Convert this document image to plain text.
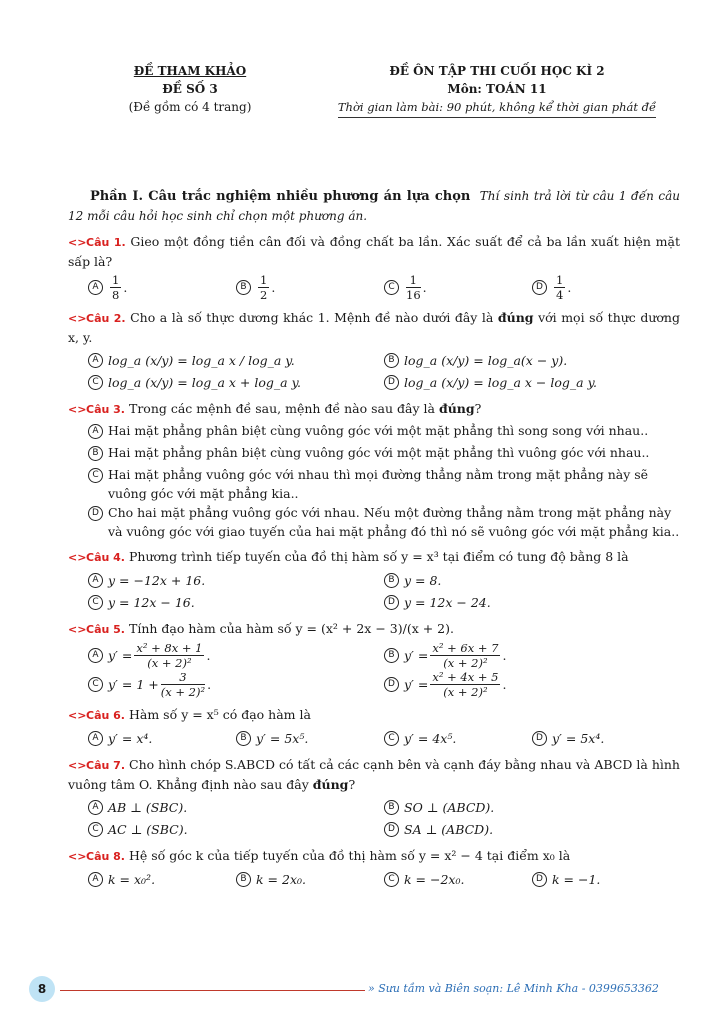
ĐỀ THAM KHẢO
ĐỀ SỐ 3
(Đề gồm có 4 trang)
ĐỀ ÔN TẬP THI CUỐI HỌC KÌ 2
Môn: TOÁN 11
Thời gian làm bài: 90 phút, không kể thời gian phát đề

Phần I. Câu trắc nghiệm nhiều phương án lựa chọn Thí sinh trả lời từ câu 1 đến câu 12 mỗi câu hỏi học sinh chỉ chọn một phương án.

<>Câu 1. Gieo một đồng tiền cân đối và đồng chất ba lần. Xác suất để cả ba lần xuất hiện mặt sấp là?

A $\frac{1}{8}$ .	B $\frac{1}{2}$ .	C $\frac{1}{16}$ .	D $\frac{1}{4}$ .

<>Câu 2. Cho a là số thực dương khác 1. Mệnh đề nào dưới đây là đúng với mọi số thực dương x, y.

A log_a (x/y) = log_a x / log_a y.	B log_a (x/y) = log_a(x − y).
C log_a (x/y) = log_a x + log_a y.	D log_a (x/y) = log_a x − log_a y.

<>Câu 3. Trong các mệnh đề sau, mệnh đề nào sau đây là đúng?

A Hai mặt phẳng phân biệt cùng vuông góc với một mặt phẳng thì song song với nhau..
B Hai mặt phẳng phân biệt cùng vuông góc với một mặt phẳng thì vuông góc với nhau..
C Hai mặt phẳng vuông góc với nhau thì mọi đường thẳng nằm trong mặt phẳng này sẽ vuông góc với mặt phẳng kia..
D Cho hai mặt phẳng vuông góc với nhau. Nếu một đường thẳng nằm trong mặt phẳng này và vuông góc với giao tuyến của hai mặt phẳng đó thì nó sẽ vuông góc với mặt phẳng kia..

<>Câu 4. Phương trình tiếp tuyến của đồ thị hàm số y = x³ tại điểm có tung độ bằng 8 là

A y = −12x + 16.	B y = 8.
C y = 12x − 16.	D y = 12x − 24.

<>Câu 5. Tính đạo hàm của hàm số y = (x² + 2x − 3)/(x + 2).

A $y' = \frac{\text{x² + 8x + 1}}{\text{(x + 2)²}}$ .	B $y' = \frac{\text{x² + 6x + 7}}{\text{(x + 2)²}}$ .
C $y' = 1 + \frac{3}{\text{(x + 2)²}}$ .	D $y' = \frac{\text{x² + 4x + 5}}{\text{(x + 2)²}}$ .

<>Câu 6. Hàm số y = x⁵ có đạo hàm là

A y′ = x⁴.	B y′ = 5x⁵.	C y′ = 4x⁵.	D y′ = 5x⁴.

<>Câu 7. Cho hình chóp S.ABCD có tất cả các cạnh bên và cạnh đáy bằng nhau và ABCD là hình vuông tâm O. Khẳng định nào sau đây đúng?

A AB ⊥ (SBC).	B SO ⊥ (ABCD).
C AC ⊥ (SBC).	D SA ⊥ (ABCD).

<>Câu 8. Hệ số góc k của tiếp tuyến của đồ thị hàm số y = x² − 4 tại điểm x₀ là

A k = x₀².	B k = 2x₀.	C k = −2x₀.	D k = −1.
8	» Sưu tầm và Biên soạn: Lê Minh Kha - 0399653362
